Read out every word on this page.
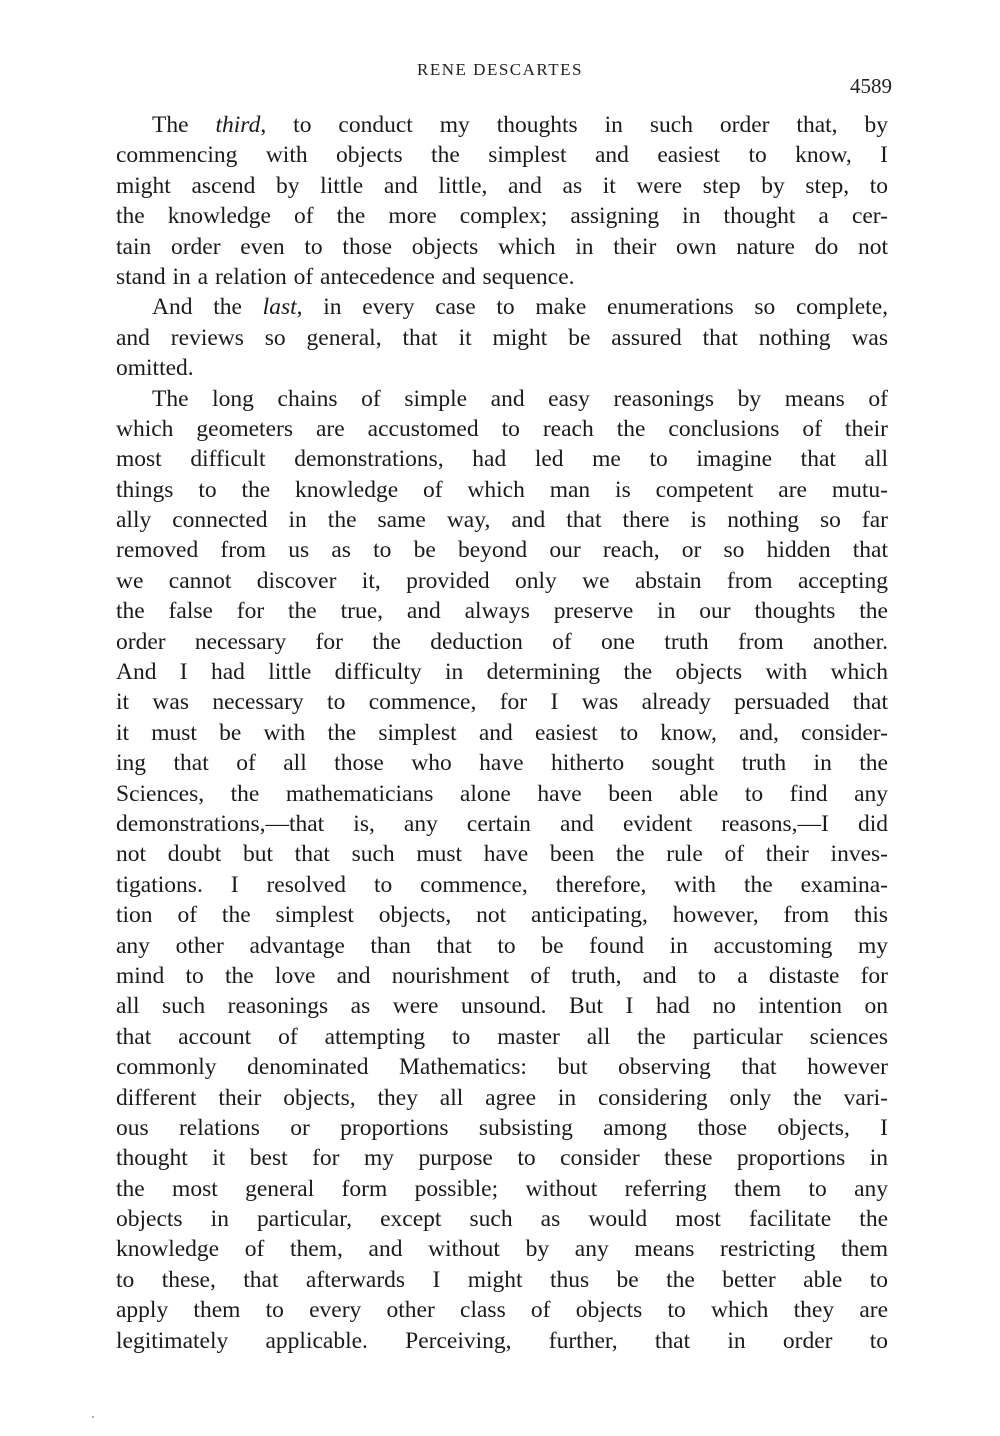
RENE DESCARTES
4589
The third, to conduct my thoughts in such order that, by
commencing with objects the simplest and easiest to know, I
might ascend by little and little, and as it were step by step, to
the knowledge of the more complex; assigning in thought a cer-
tain order even to those objects which in their own nature do not
stand in a relation of antecedence and sequence.
And the last, in every case to make enumerations so complete,
and reviews so general, that it might be assured that nothing was
omitted.
The long chains of simple and easy reasonings by means of
which geometers are accustomed to reach the conclusions of their
most difficult demonstrations, had led me to imagine that all
things to the knowledge of which man is competent are mutu-
ally connected in the same way, and that there is nothing so far
removed from us as to be beyond our reach, or so hidden that
we cannot discover it, provided only we abstain from accepting
the false for the true, and always preserve in our thoughts the
order necessary for the deduction of one truth from another.
And I had little difficulty in determining the objects with which
it was necessary to commence, for I was already persuaded that
it must be with the simplest and easiest to know, and, consider-
ing that of all those who have hitherto sought truth in the
Sciences, the mathematicians alone have been able to find any
demonstrations,—that is, any certain and evident reasons,—I did
not doubt but that such must have been the rule of their inves-
tigations. I resolved to commence, therefore, with the examina-
tion of the simplest objects, not anticipating, however, from this
any other advantage than that to be found in accustoming my
mind to the love and nourishment of truth, and to a distaste for
all such reasonings as were unsound. But I had no intention on
that account of attempting to master all the particular sciences
commonly denominated Mathematics: but observing that however
different their objects, they all agree in considering only the vari-
ous relations or proportions subsisting among those objects, I
thought it best for my purpose to consider these proportions in
the most general form possible; without referring them to any
objects in particular, except such as would most facilitate the
knowledge of them, and without by any means restricting them
to these, that afterwards I might thus be the better able to
apply them to every other class of objects to which they are
legitimately applicable. Perceiving, further, that in order to
